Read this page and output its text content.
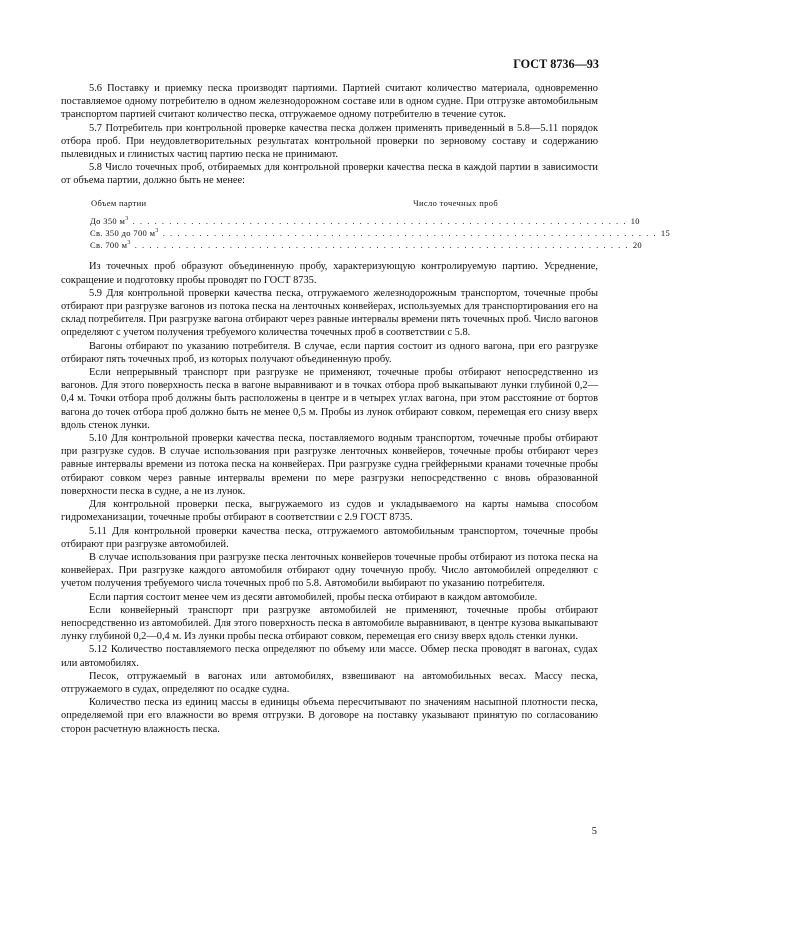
ГОСТ 8736—93

5.6 Поставку и приемку песка производят партиями. Партией считают количество материала, одновременно поставляемое одному потребителю в одном железнодорожном составе или в одном судне. При отгрузке автомобильным транспортом партией считают количество песка, отгружаемое одному потребителю в течение суток.

5.7 Потребитель при контрольной проверке качества песка должен применять приведенный в 5.8—5.11 порядок отбора проб. При неудовлетворительных результатах контрольной проверки по зерновому составу и содержанию пылевидных и глинистых частиц партию песка не принимают.

5.8 Число точечных проб, отбираемых для контрольной проверки качества песка в каждой партии в зависимости от объема партии, должно быть не менее:

Объем партии	Число точечных проб
До 350 $м^3$ .................................................................... 10
Св. 350 до 700 $м^3$ .................................................................... 15
Св. 700 $м^3$ .................................................................... 20

Из точечных проб образуют объединенную пробу, характеризующую контролируемую партию. Усреднение, сокращение и подготовку пробы проводят по ГОСТ 8735.

5.9 Для контрольной проверки качества песка, отгружаемого железнодорожным транспортом, точечные пробы отбирают при разгрузке вагонов из потока песка на ленточных конвейерах, используемых для транспортирования его на склад потребителя. При разгрузке вагона отбирают через равные интервалы времени пять точечных проб. Число вагонов определяют с учетом получения требуемого количества точечных проб в соответствии с 5.8.

Вагоны отбирают по указанию потребителя. В случае, если партия состоит из одного вагона, при его разгрузке отбирают пять точечных проб, из которых получают объединенную пробу.

Если непрерывный транспорт при разгрузке не применяют, точечные пробы отбирают непосредственно из вагонов. Для этого поверхность песка в вагоне выравнивают и в точках отбора проб выкапывают лунки глубиной 0,2—0,4 м. Точки отбора проб должны быть расположены в центре и в четырех углах вагона, при этом расстояние от бортов вагона до точек отбора проб должно быть не менее 0,5 м. Пробы из лунок отбирают совком, перемещая его снизу вверх вдоль стенок лунки.

5.10 Для контрольной проверки качества песка, поставляемого водным транспортом, точечные пробы отбирают при разгрузке судов. В случае использования при разгрузке ленточных конвейеров, точечные пробы отбирают через равные интервалы времени из потока песка на конвейерах. При разгрузке судна грейферными кранами точечные пробы отбирают совком через равные интервалы времени по мере разгрузки непосредственно с вновь образованной поверхности песка в судне, а не из лунок.

Для контрольной проверки песка, выгружаемого из судов и укладываемого на карты намыва способом гидромеханизации, точечные пробы отбирают в соответствии с 2.9 ГОСТ 8735.

5.11 Для контрольной проверки качества песка, отгружаемого автомобильным транспортом, точечные пробы отбирают при разгрузке автомобилей.

В случае использования при разгрузке песка ленточных конвейеров точечные пробы отбирают из потока песка на конвейерах. При разгрузке каждого автомобиля отбирают одну точечную пробу. Число автомобилей определяют с учетом получения требуемого числа точечных проб по 5.8. Автомобили выбирают по указанию потребителя.

Если партия состоит менее чем из десяти автомобилей, пробы песка отбирают в каждом автомобиле.

Если конвейерный транспорт при разгрузке автомобилей не применяют, точечные пробы отбирают непосредственно из автомобилей. Для этого поверхность песка в автомобиле выравнивают, в центре кузова выкапывают лунку глубиной 0,2—0,4 м. Из лунки пробы песка отбирают совком, перемещая его снизу вверх вдоль стенки лунки.

5.12 Количество поставляемого песка определяют по объему или массе. Обмер песка проводят в вагонах, судах или автомобилях.

Песок, отгружаемый в вагонах или автомобилях, взвешивают на автомобильных весах. Массу песка, отгружаемого в судах, определяют по осадке судна.

Количество песка из единиц массы в единицы объема пересчитывают по значениям насыпной плотности песка, определяемой при его влажности во время отгрузки. В договоре на поставку указывают принятую по согласованию сторон расчетную влажность песка.

5
